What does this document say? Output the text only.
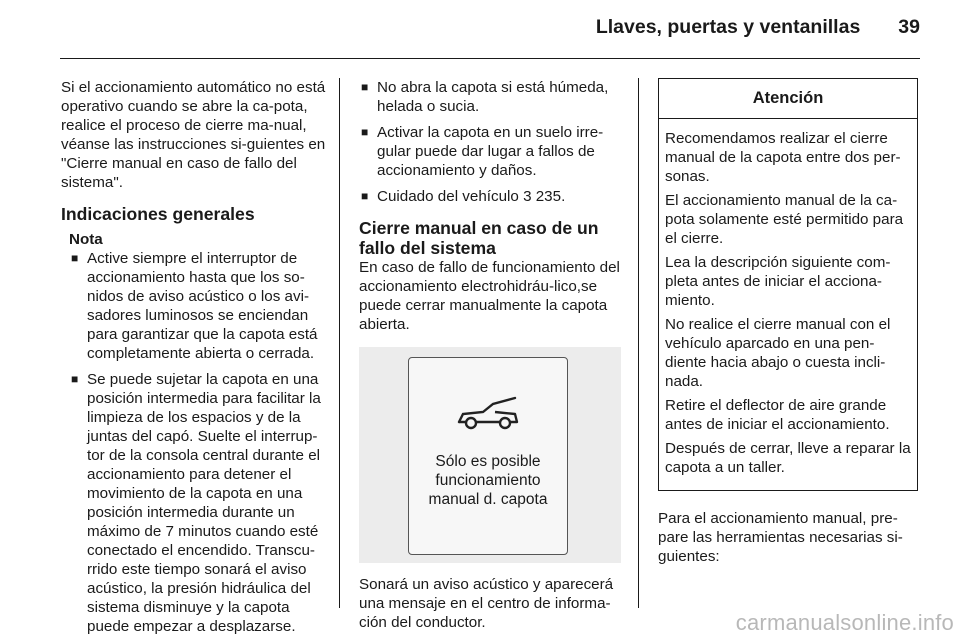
Llaves, puertas y ventanillas 39

Si el accionamiento automático no está operativo cuando se abre la ca-pota, realice el proceso de cierre ma-nual, véanse las instrucciones si-guientes en "Cierre manual en caso de fallo del sistema".

Indicaciones generales

Nota

■ Active siempre el interruptor de accionamiento hasta que los so-nidos de aviso acústico o los avi-sadores luminosos se enciendan para garantizar que la capota está completamente abierta o cerrada.
■ Se puede sujetar la capota en una posición intermedia para facilitar la limpieza de los espacios y de la juntas del capó. Suelte el interrup-tor de la consola central durante el accionamiento para detener el movimiento de la capota en una posición intermedia durante un máximo de 7 minutos cuando esté conectado el encendido. Transcu-rrido este tiempo sonará el aviso acústico, la presión hidráulica del sistema disminuye y la capota puede empezar a desplazarse.
■ No abra la capota si está húmeda, helada o sucia.
■ Activar la capota en un suelo irre-gular puede dar lugar a fallos de accionamiento y daños.
■ Cuidado del vehículo 3 235.

Cierre manual en caso de un fallo del sistema

En caso de fallo de funcionamiento del accionamiento electrohidráu-lico,se puede cerrar manualmente la capota abierta.

Sólo es posible
funcionamiento
manual d. capota

Sonará un aviso acústico y aparecerá una mensaje en el centro de informa-ción del conductor.

Atención

Recomendamos realizar el cierre manual de la capota entre dos per-sonas.

El accionamiento manual de la ca-pota solamente esté permitido para el cierre.

Lea la descripción siguiente com-pleta antes de iniciar el acciona-miento.

No realice el cierre manual con el vehículo aparcado en una pen-diente hacia abajo o cuesta incli-nada.

Retire el deflector de aire grande antes de iniciar el accionamiento.

Después de cerrar, lleve a reparar la capota a un taller.

Para el accionamiento manual, pre-pare las herramientas necesarias si-guientes:

carmanualsonline.info
